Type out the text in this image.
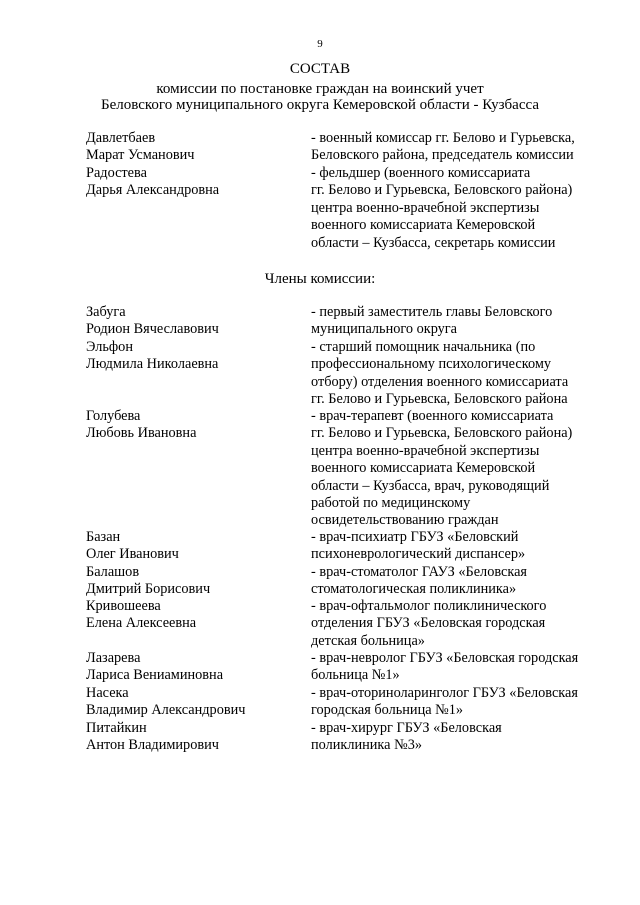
9
СОСТАВ
комиссии по постановке граждан на воинский учет
Беловского муниципального округа Кемеровской области - Кузбасса
Давлетбаев
Марат Усманович
- военный комиссар гг. Белово и Гурьевска,
Беловского района, председатель комиссии
Радостева
Дарья Александровна
- фельдшер (военного комиссариата
гг. Белово и Гурьевска, Беловского района)
центра военно-врачебной экспертизы
военного комиссариата Кемеровской
области – Кузбасса, секретарь комиссии
Члены комиссии:
Забуга
Родион Вячеславович
- первый заместитель главы Беловского
муниципального округа
Эльфон
Людмила Николаевна
- старший помощник начальника (по
профессиональному психологическому
отбору) отделения военного комиссариата
гг. Белово и Гурьевска, Беловского района
Голубева
Любовь Ивановна
- врач-терапевт (военного комиссариата
гг. Белово и Гурьевска, Беловского района)
центра военно-врачебной экспертизы
военного комиссариата Кемеровской
области – Кузбасса, врач, руководящий
работой по медицинскому
освидетельствованию граждан
Базан
Олег Иванович
- врач-психиатр ГБУЗ «Беловский
психоневрологический диспансер»
Балашов
Дмитрий Борисович
- врач-стоматолог ГАУЗ «Беловская
стоматологическая поликлиника»
Кривошеева
Елена Алексеевна
- врач-офтальмолог поликлинического
отделения ГБУЗ «Беловская городская
детская больница»
Лазарева
Лариса Вениаминовна
- врач-невролог ГБУЗ «Беловская городская
больница №1»
Насека
Владимир Александрович
- врач-оториноларинголог ГБУЗ «Беловская
городская больница №1»
Питайкин
Антон Владимирович
- врач-хирург ГБУЗ «Беловская
поликлиника №3»
